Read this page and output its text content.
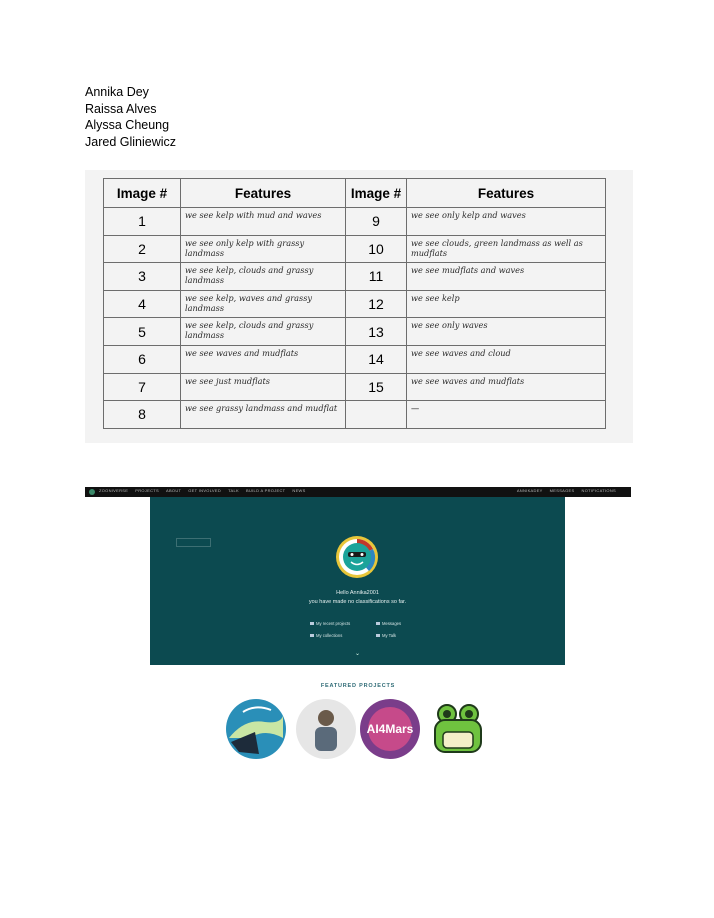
Annika Dey
Raissa Alves
Alyssa Cheung
Jared Gliniewicz
Image #	Features	Image #	Features
1	we see kelp with mud and waves	9	we see only kelp and waves
2	we see only kelp with grassy landmass	10	we see clouds, green landmass as well as mudflats
3	we see kelp, clouds and grassy landmass	11	we see mudflats and waves
4	we see kelp, waves and grassy landmass	12	we see kelp
5	we see kelp, clouds and grassy landmass	13	we see only waves
6	we see waves and mudflats	14	we see waves and cloud
7	we see just mudflats	15	we see waves and mudflats
8	we see grassy landmass and mudflat		—
ZOONIVERSE PROJECTS ABOUT GET INVOLVED TALK BUILD A PROJECT NEWS	ANNIKADEY MESSAGES NOTIFICATIONS
Hello Annika2001
you have made no classifications so far.
My recent projects	Messages
My collections	My Talk
⌄
FEATURED PROJECTS
AI4Mars
